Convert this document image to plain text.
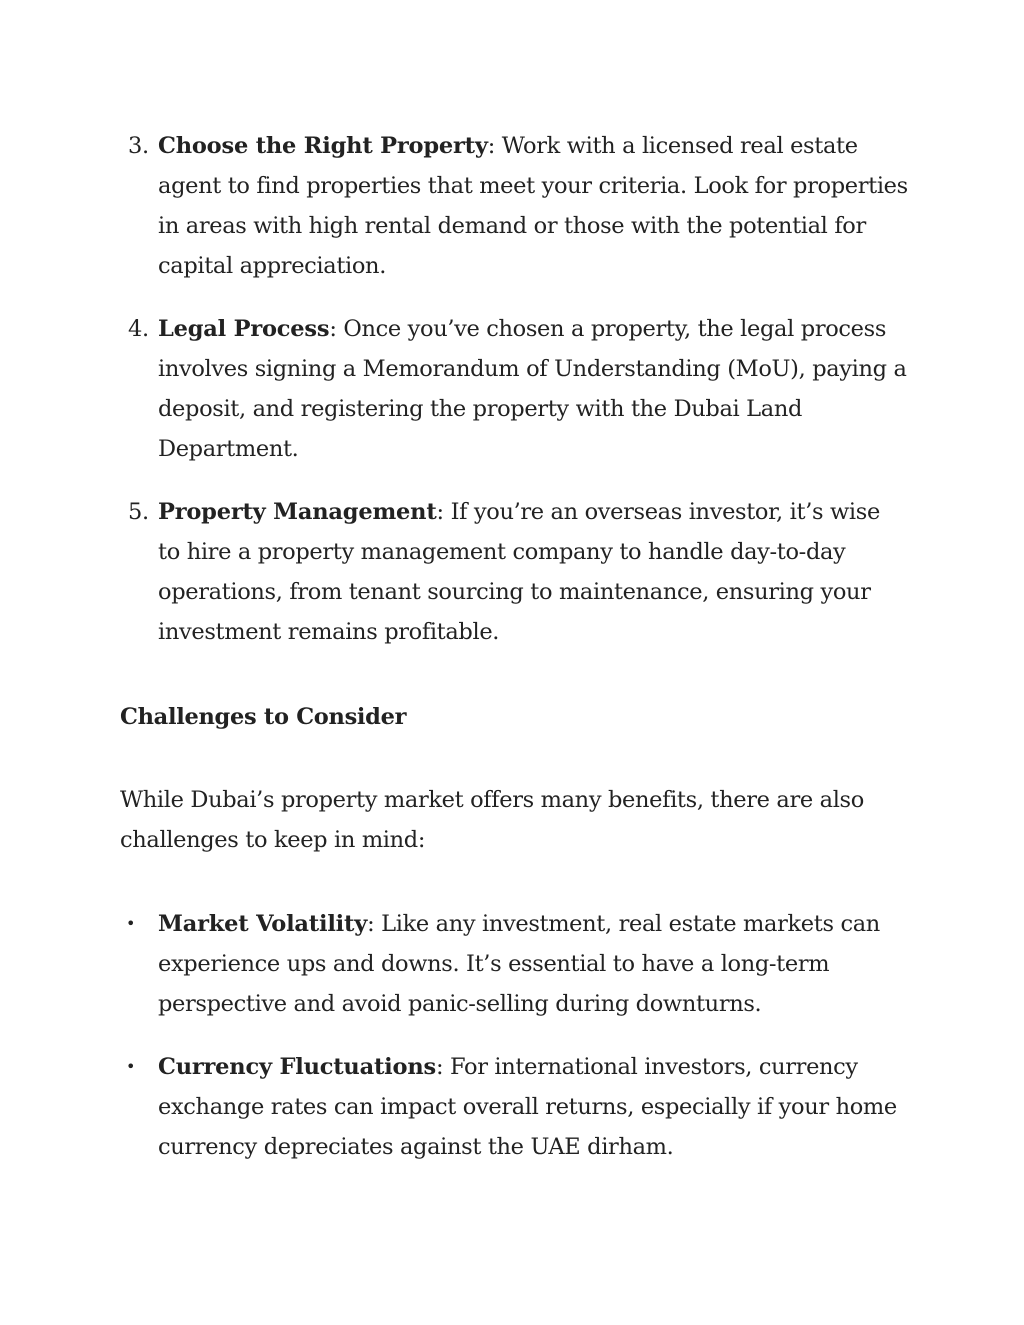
3. Choose the Right Property: Work with a licensed real estate agent to find properties that meet your criteria. Look for properties in areas with high rental demand or those with the potential for capital appreciation.
4. Legal Process: Once you’ve chosen a property, the legal process involves signing a Memorandum of Understanding (MoU), paying a deposit, and registering the property with the Dubai Land Department.
5. Property Management: If you’re an overseas investor, it’s wise to hire a property management company to handle day-to-day operations, from tenant sourcing to maintenance, ensuring your investment remains profitable.
Challenges to Consider

While Dubai’s property market offers many benefits, there are also challenges to keep in mind:

• Market Volatility: Like any investment, real estate markets can experience ups and downs. It’s essential to have a long-term perspective and avoid panic-selling during downturns.
• Currency Fluctuations: For international investors, currency exchange rates can impact overall returns, especially if your home currency depreciates against the UAE dirham.
